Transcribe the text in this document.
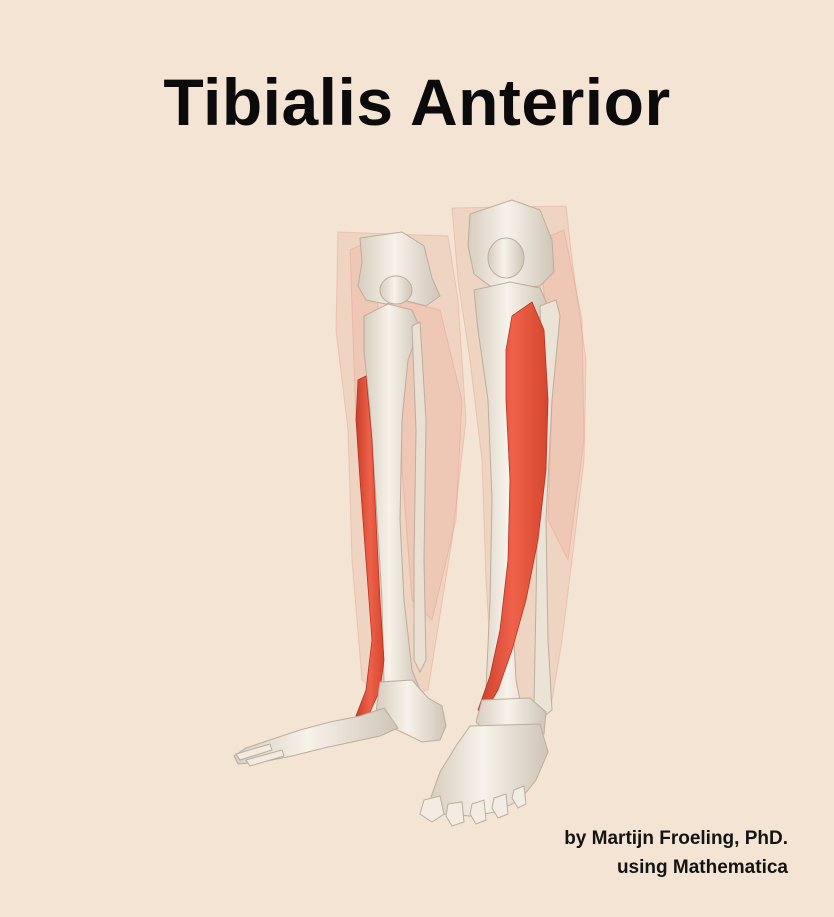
Tibialis Anterior
by Martijn Froeling, PhD.
using Mathematica
